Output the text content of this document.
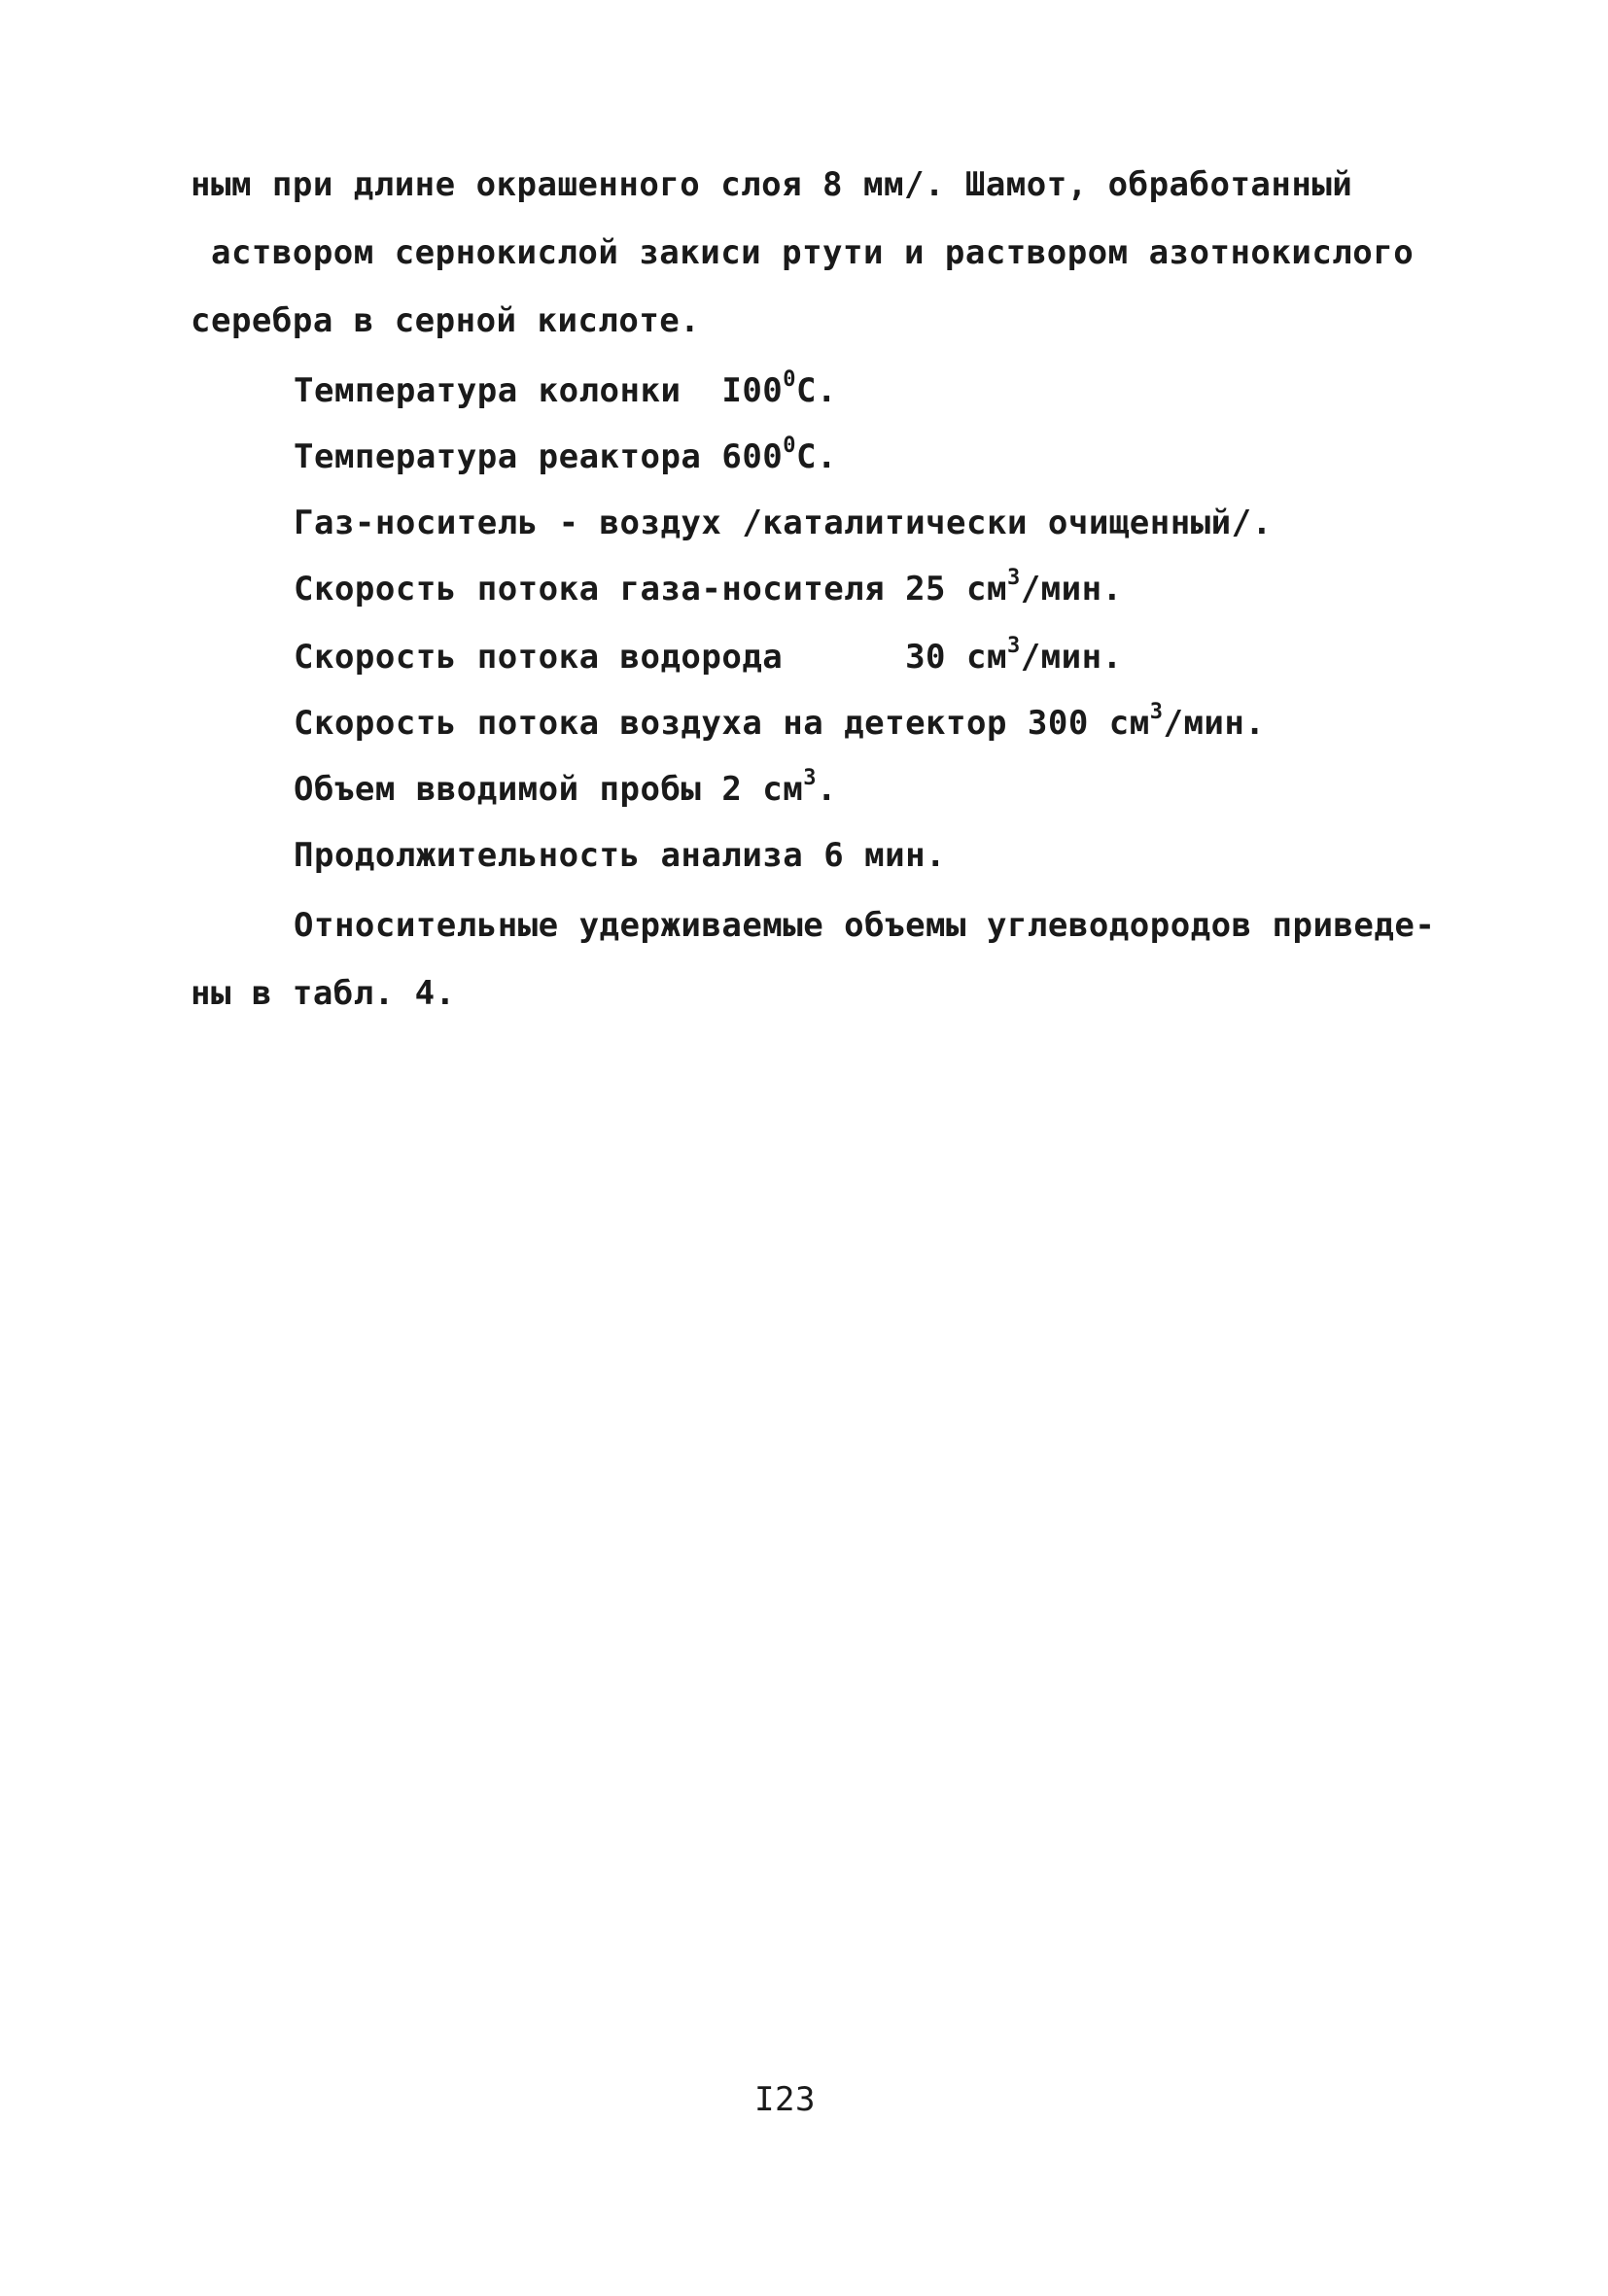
ным при длине окрашенного слоя 8 мм/. Шамот, обработанный
аствором сернокислой закиси ртути и раствором азотнокислого
серебра в серной кислоте.
Температура колонки  $I00^0С$.
Температура реактора $600^0С$.
Газ-носитель - воздух /каталитически очищенный/.
Скорость потока газа-носителя 25 $см^3$/мин.
Скорость потока водорода      30 $см^3$/мин.
Скорость потока воздуха на детектор 300 $см^3$/мин.
Объем вводимой пробы 2 $см^3$.
Продолжительность анализа 6 мин.
Относительные удерживаемые объемы углеводородов приведе-
ны в табл. 4.
I23
